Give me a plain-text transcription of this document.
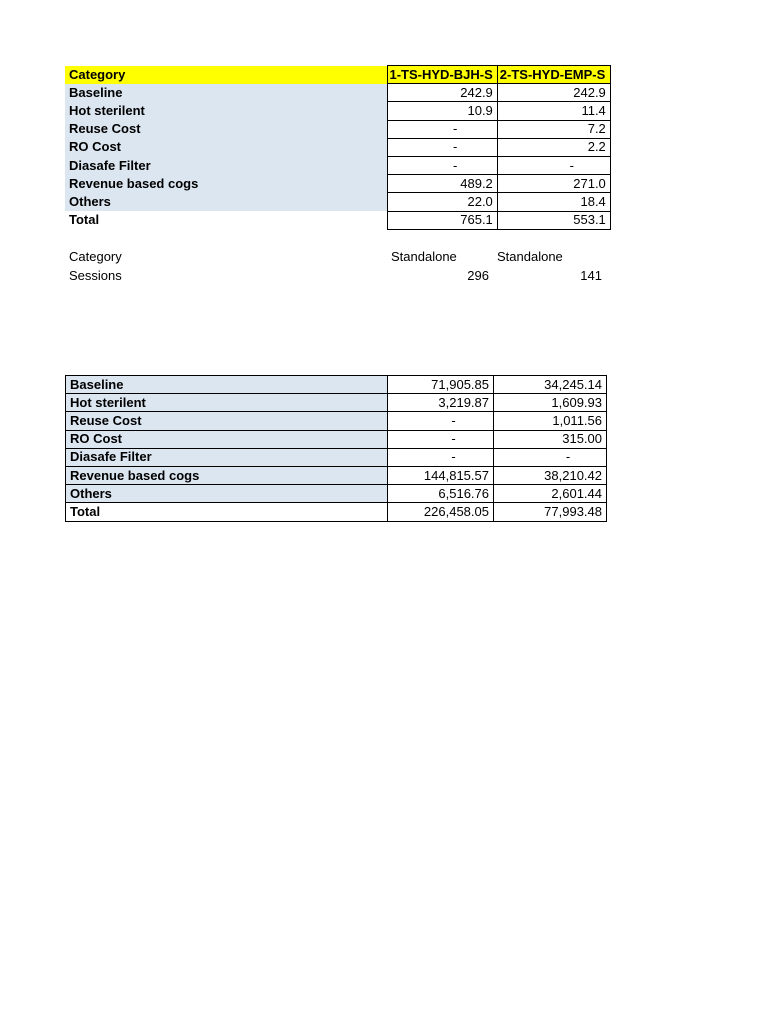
Category	1-TS-HYD-BJH-S	2-TS-HYD-EMP-S
Baseline	242.9	242.9
Hot sterilent	10.9	11.4
Reuse Cost	-	7.2
RO Cost	-	2.2
Diasafe Filter	-	-
Revenue based cogs	489.2	271.0
Others	22.0	18.4
Total	765.1	553.1
Category	Standalone	Standalone
Sessions	296	141
Baseline	71,905.85	34,245.14
Hot sterilent	3,219.87	1,609.93
Reuse Cost	-	1,011.56
RO Cost	-	315.00
Diasafe Filter	-	-
Revenue based cogs	144,815.57	38,210.42
Others	6,516.76	2,601.44
Total	226,458.05	77,993.48
